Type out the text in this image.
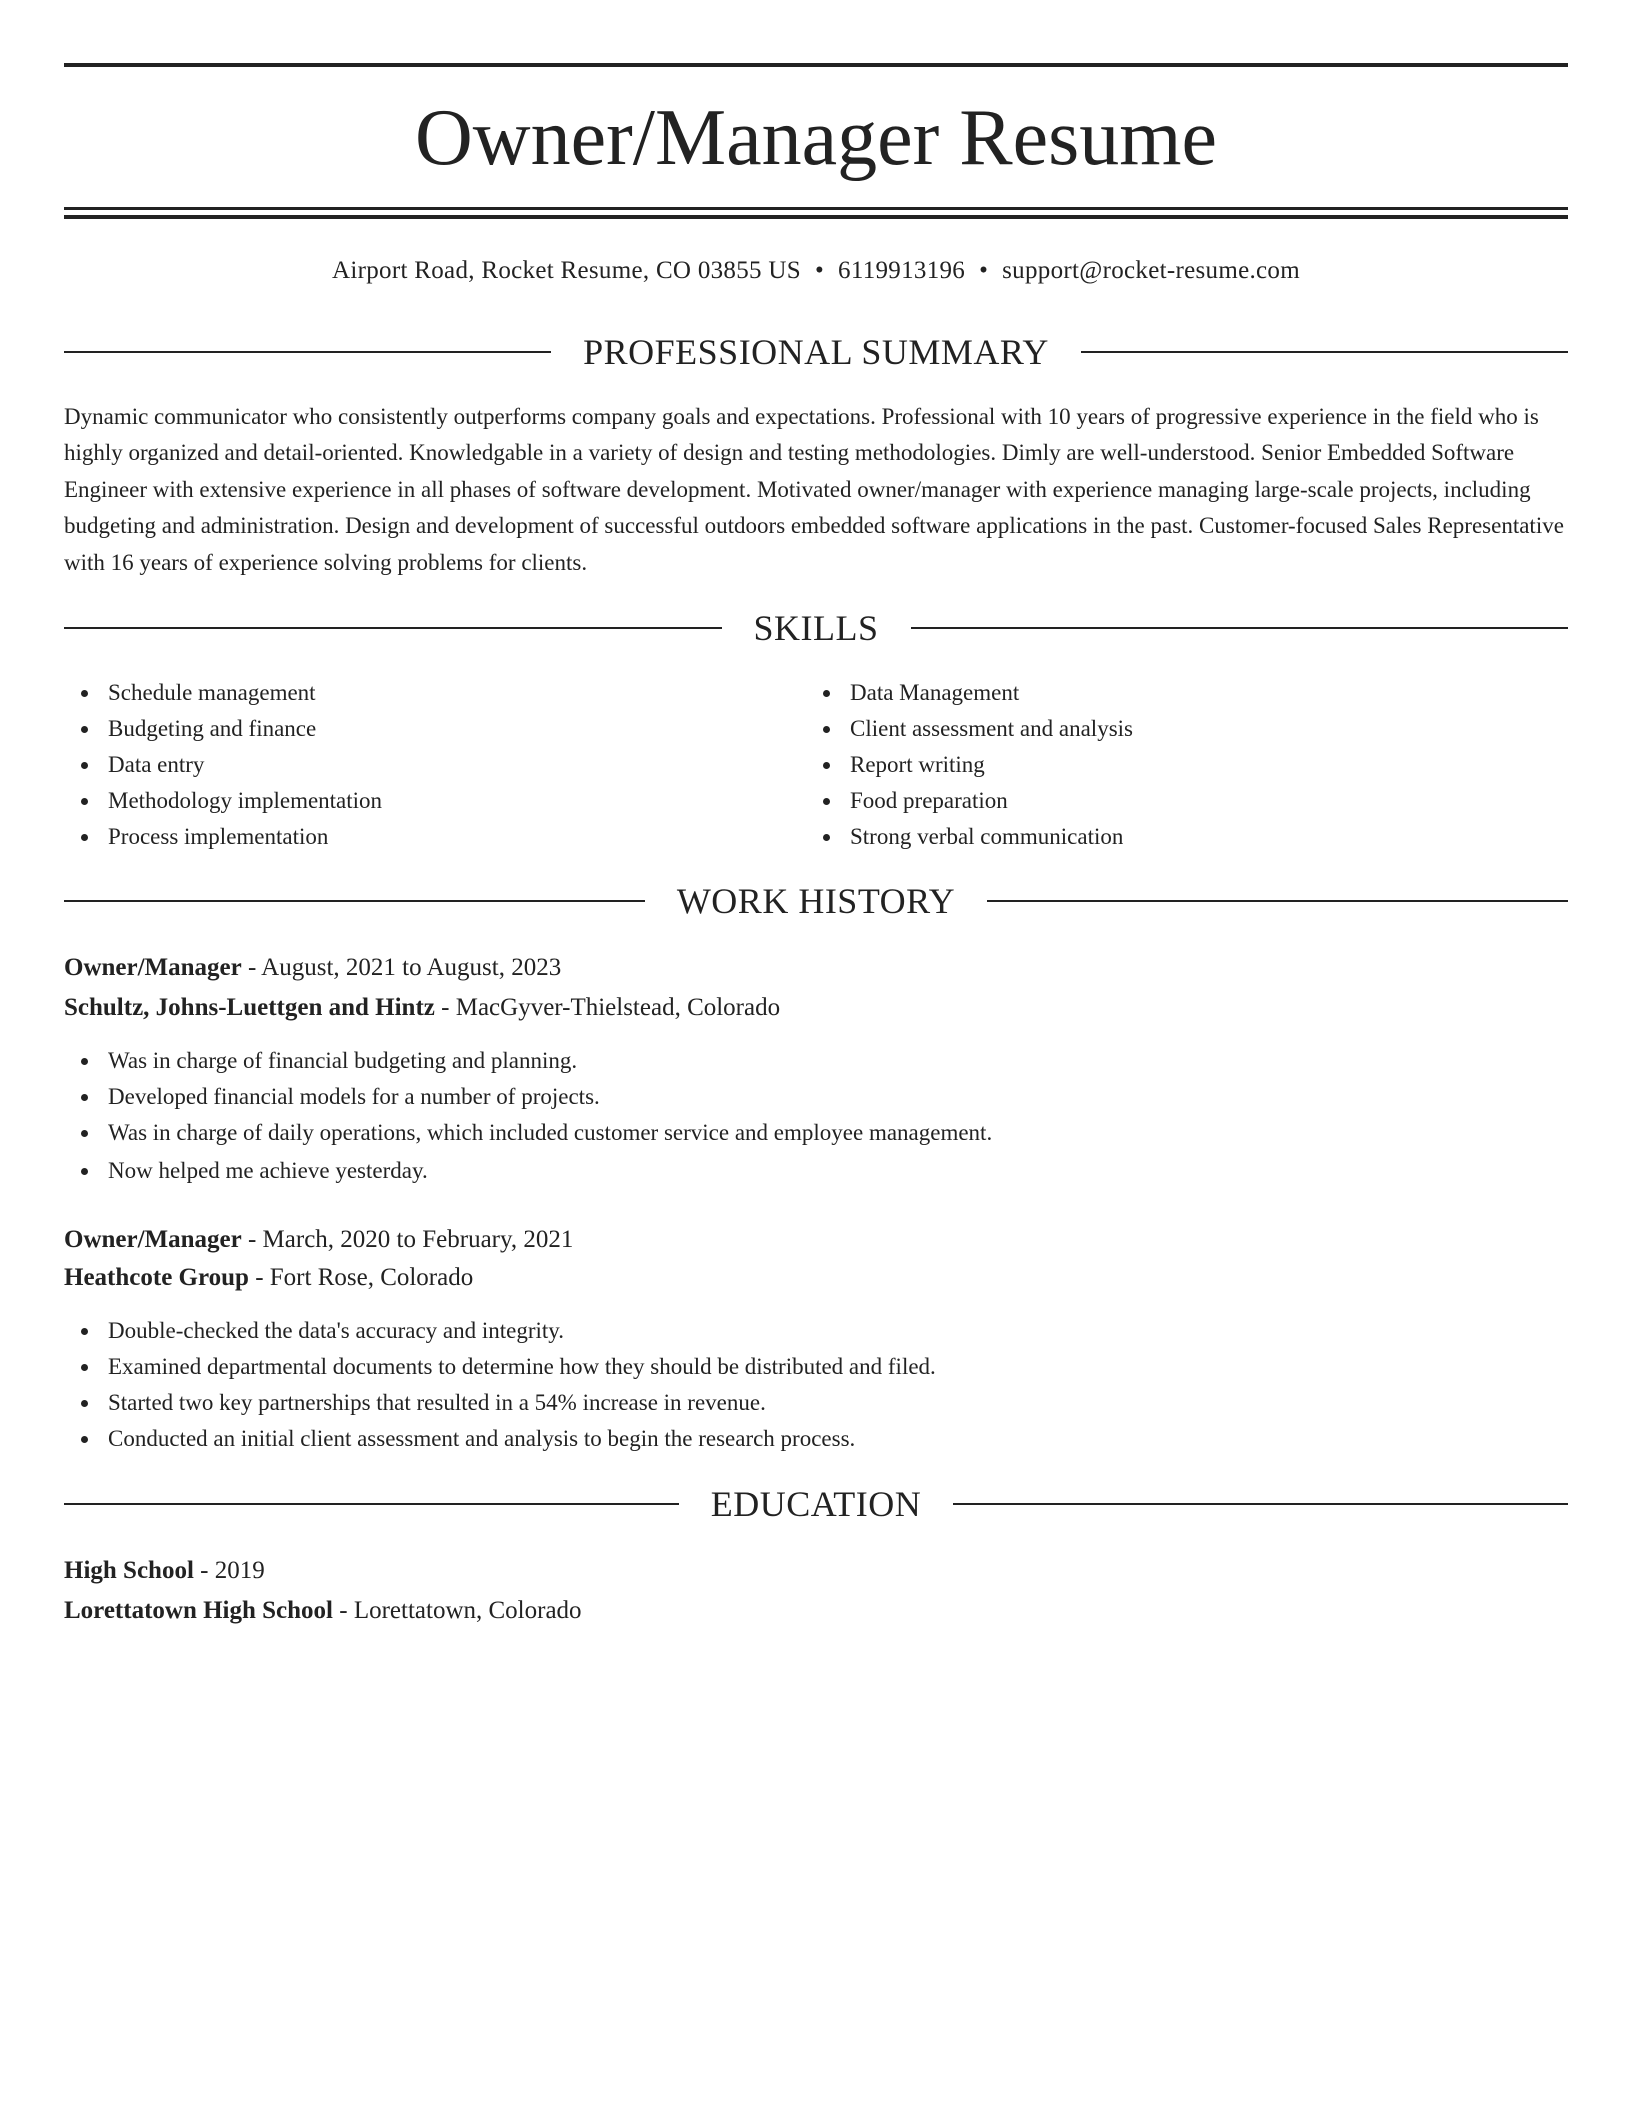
Owner/Manager Resume
Airport Road, Rocket Resume, CO 03855 US • 6119913196 • support@rocket-resume.com
PROFESSIONAL SUMMARY

Dynamic communicator who consistently outperforms company goals and expectations. Professional with 10 years of progressive experience in the field who is highly organized and detail-oriented. Knowledgable in a variety of design and testing methodologies. Dimly are well-understood. Senior Embedded Software Engineer with extensive experience in all phases of software development. Motivated owner/manager with experience managing large-scale projects, including budgeting and administration. Design and development of successful outdoors embedded software applications in the past. Customer-focused Sales Representative with 16 years of experience solving problems for clients.

SKILLS
Schedule management
Budgeting and finance
Data entry
Methodology implementation
Process implementation
Data Management
Client assessment and analysis
Report writing
Food preparation
Strong verbal communication
WORK HISTORY
Owner/Manager - August, 2021 to August, 2023
Schultz, Johns-Luettgen and Hintz - MacGyver-Thielstead, Colorado
Was in charge of financial budgeting and planning.
Developed financial models for a number of projects.
Was in charge of daily operations, which included customer service and employee management.
Now helped me achieve yesterday.
Owner/Manager - March, 2020 to February, 2021
Heathcote Group - Fort Rose, Colorado
Double-checked the data's accuracy and integrity.
Examined departmental documents to determine how they should be distributed and filed.
Started two key partnerships that resulted in a 54% increase in revenue.
Conducted an initial client assessment and analysis to begin the research process.
EDUCATION
High School - 2019
Lorettatown High School - Lorettatown, Colorado
